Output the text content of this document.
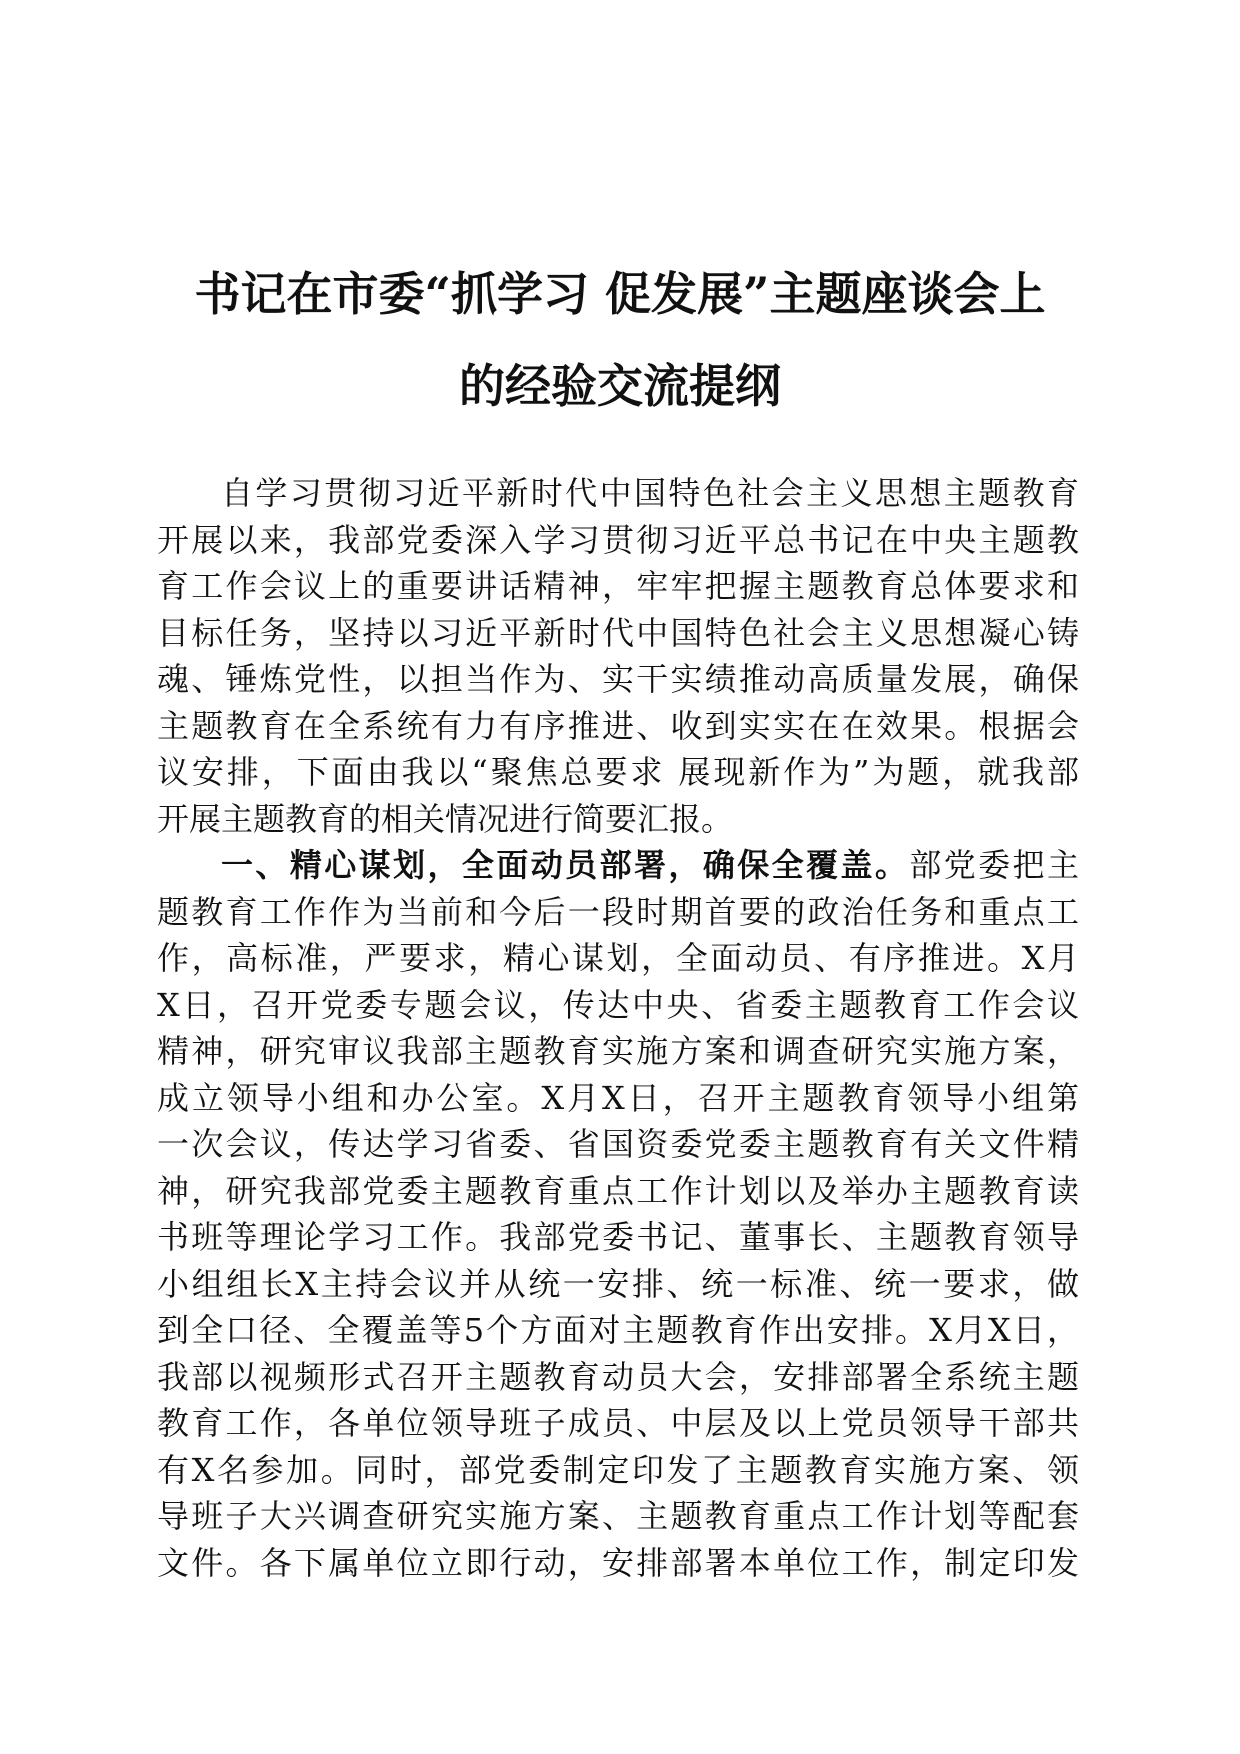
书记在市委“抓学习 促发展”主题座谈会上
的经验交流提纲
自学习贯彻习近平新时代中国特色社会主义思想主题教育
开展以来，我部党委深入学习贯彻习近平总书记在中央主题教
育工作会议上的重要讲话精神，牢牢把握主题教育总体要求和
目标任务，坚持以习近平新时代中国特色社会主义思想凝心铸
魂、锤炼党性，以担当作为、实干实绩推动高质量发展，确保
主题教育在全系统有力有序推进、收到实实在在效果。根据会
议安排，下面由我以“聚焦总要求 展现新作为”为题，就我部
开展主题教育的相关情况进行简要汇报。
一、精心谋划，全面动员部署，确保全覆盖。部党委把主
题教育工作作为当前和今后一段时期首要的政治任务和重点工
作，高标准，严要求，精心谋划，全面动员、有序推进。X月
X日，召开党委专题会议，传达中央、省委主题教育工作会议
精神，研究审议我部主题教育实施方案和调查研究实施方案，
成立领导小组和办公室。X月X日，召开主题教育领导小组第
一次会议，传达学习省委、省国资委党委主题教育有关文件精
神，研究我部党委主题教育重点工作计划以及举办主题教育读
书班等理论学习工作。我部党委书记、董事长、主题教育领导
小组组长X主持会议并从统一安排、统一标准、统一要求，做
到全口径、全覆盖等5个方面对主题教育作出安排。X月X日，
我部以视频形式召开主题教育动员大会，安排部署全系统主题
教育工作，各单位领导班子成员、中层及以上党员领导干部共
有X名参加。同时，部党委制定印发了主题教育实施方案、领
导班子大兴调查研究实施方案、主题教育重点工作计划等配套
文件。各下属单位立即行动，安排部署本单位工作，制定印发
